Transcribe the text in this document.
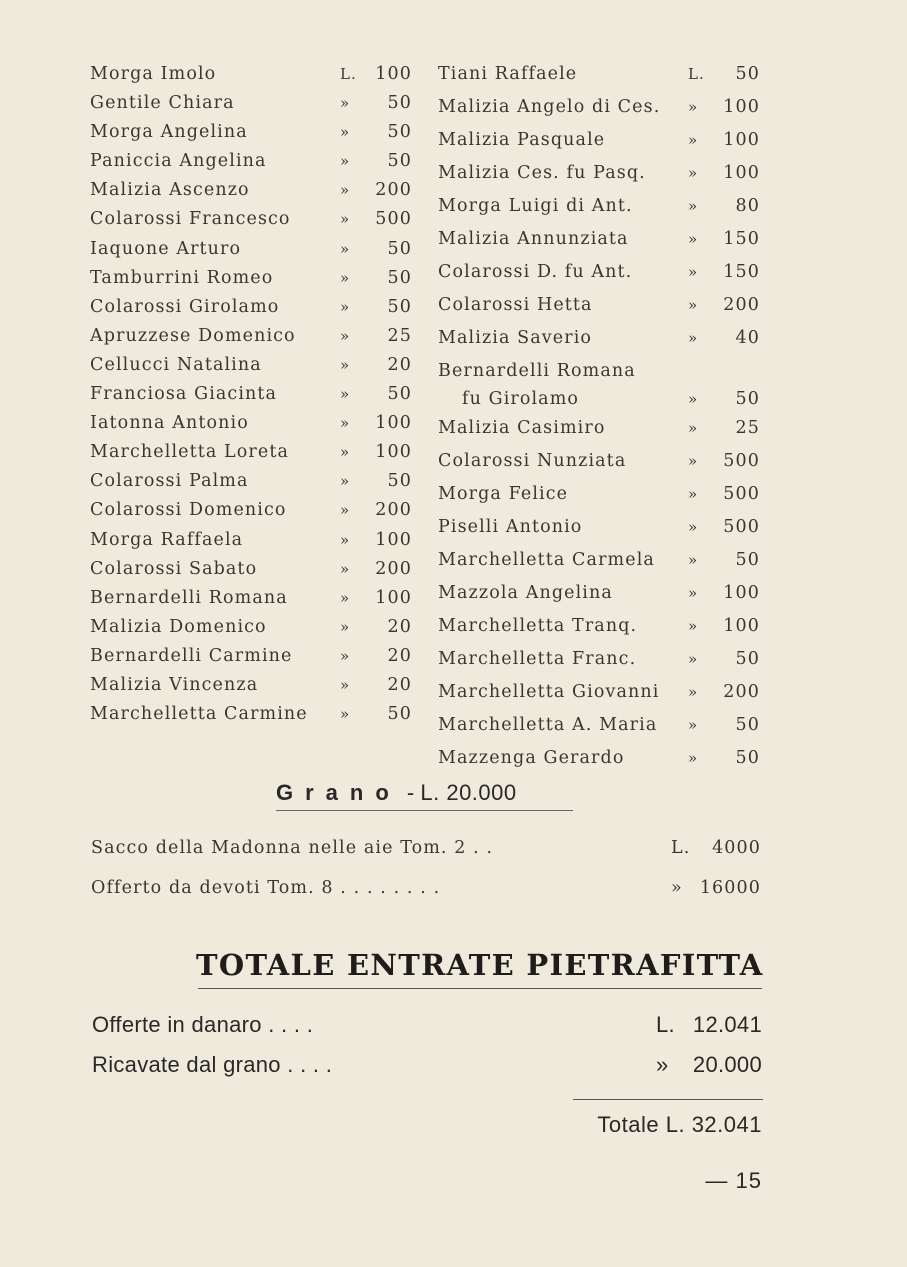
Morga Imolo	L.	100
Gentile Chiara	»	50
Morga Angelina	»	50
Paniccia Angelina	»	50
Malizia Ascenzo	»	200
Colarossi Francesco	»	500
Iaquone Arturo	»	50
Tamburrini Romeo	»	50
Colarossi Girolamo	»	50
Apruzzese Domenico	»	25
Cellucci Natalina	»	20
Franciosa Giacinta	»	50
Iatonna Antonio	»	100
Marchelletta Loreta	»	100
Colarossi Palma	»	50
Colarossi Domenico	»	200
Morga Raffaela	»	100
Colarossi Sabato	»	200
Bernardelli Romana	»	100
Malizia Domenico	»	20
Bernardelli Carmine	»	20
Malizia Vincenza	»	20
Marchelletta Carmine	»	50
Tiani Raffaele	L.	50
Malizia Angelo di Ces.	»	100
Malizia Pasquale	»	100
Malizia Ces. fu Pasq.	»	100
Morga Luigi di Ant.	»	80
Malizia Annunziata	»	150
Colarossi D. fu Ant.	»	150
Colarossi Hetta	»	200
Malizia Saverio	»	40
Bernardelli Romana
fu Girolamo	»	50
Malizia Casimiro	»	25
Colarossi Nunziata	»	500
Morga Felice	»	500
Piselli Antonio	»	500
Marchelletta Carmela	»	50
Mazzola Angelina	»	100
Marchelletta Tranq.	»	100
Marchelletta Franc.	»	50
Marchelletta Giovanni	»	200
Marchelletta A. Maria	»	50
Mazzenga Gerardo	»	50
Grano - L. 20.000
Sacco della Madonna nelle aie Tom. 2 . .	L.	4000
Offerto da devoti Tom. 8 . . . . . . . .	» 16000
TOTALE ENTRATE PIETRAFITTA
Offerte in danaro . . . .	L. 12.041
Ricavate dal grano . . . .	»	20.000
Totale L. 32.041
— 15
